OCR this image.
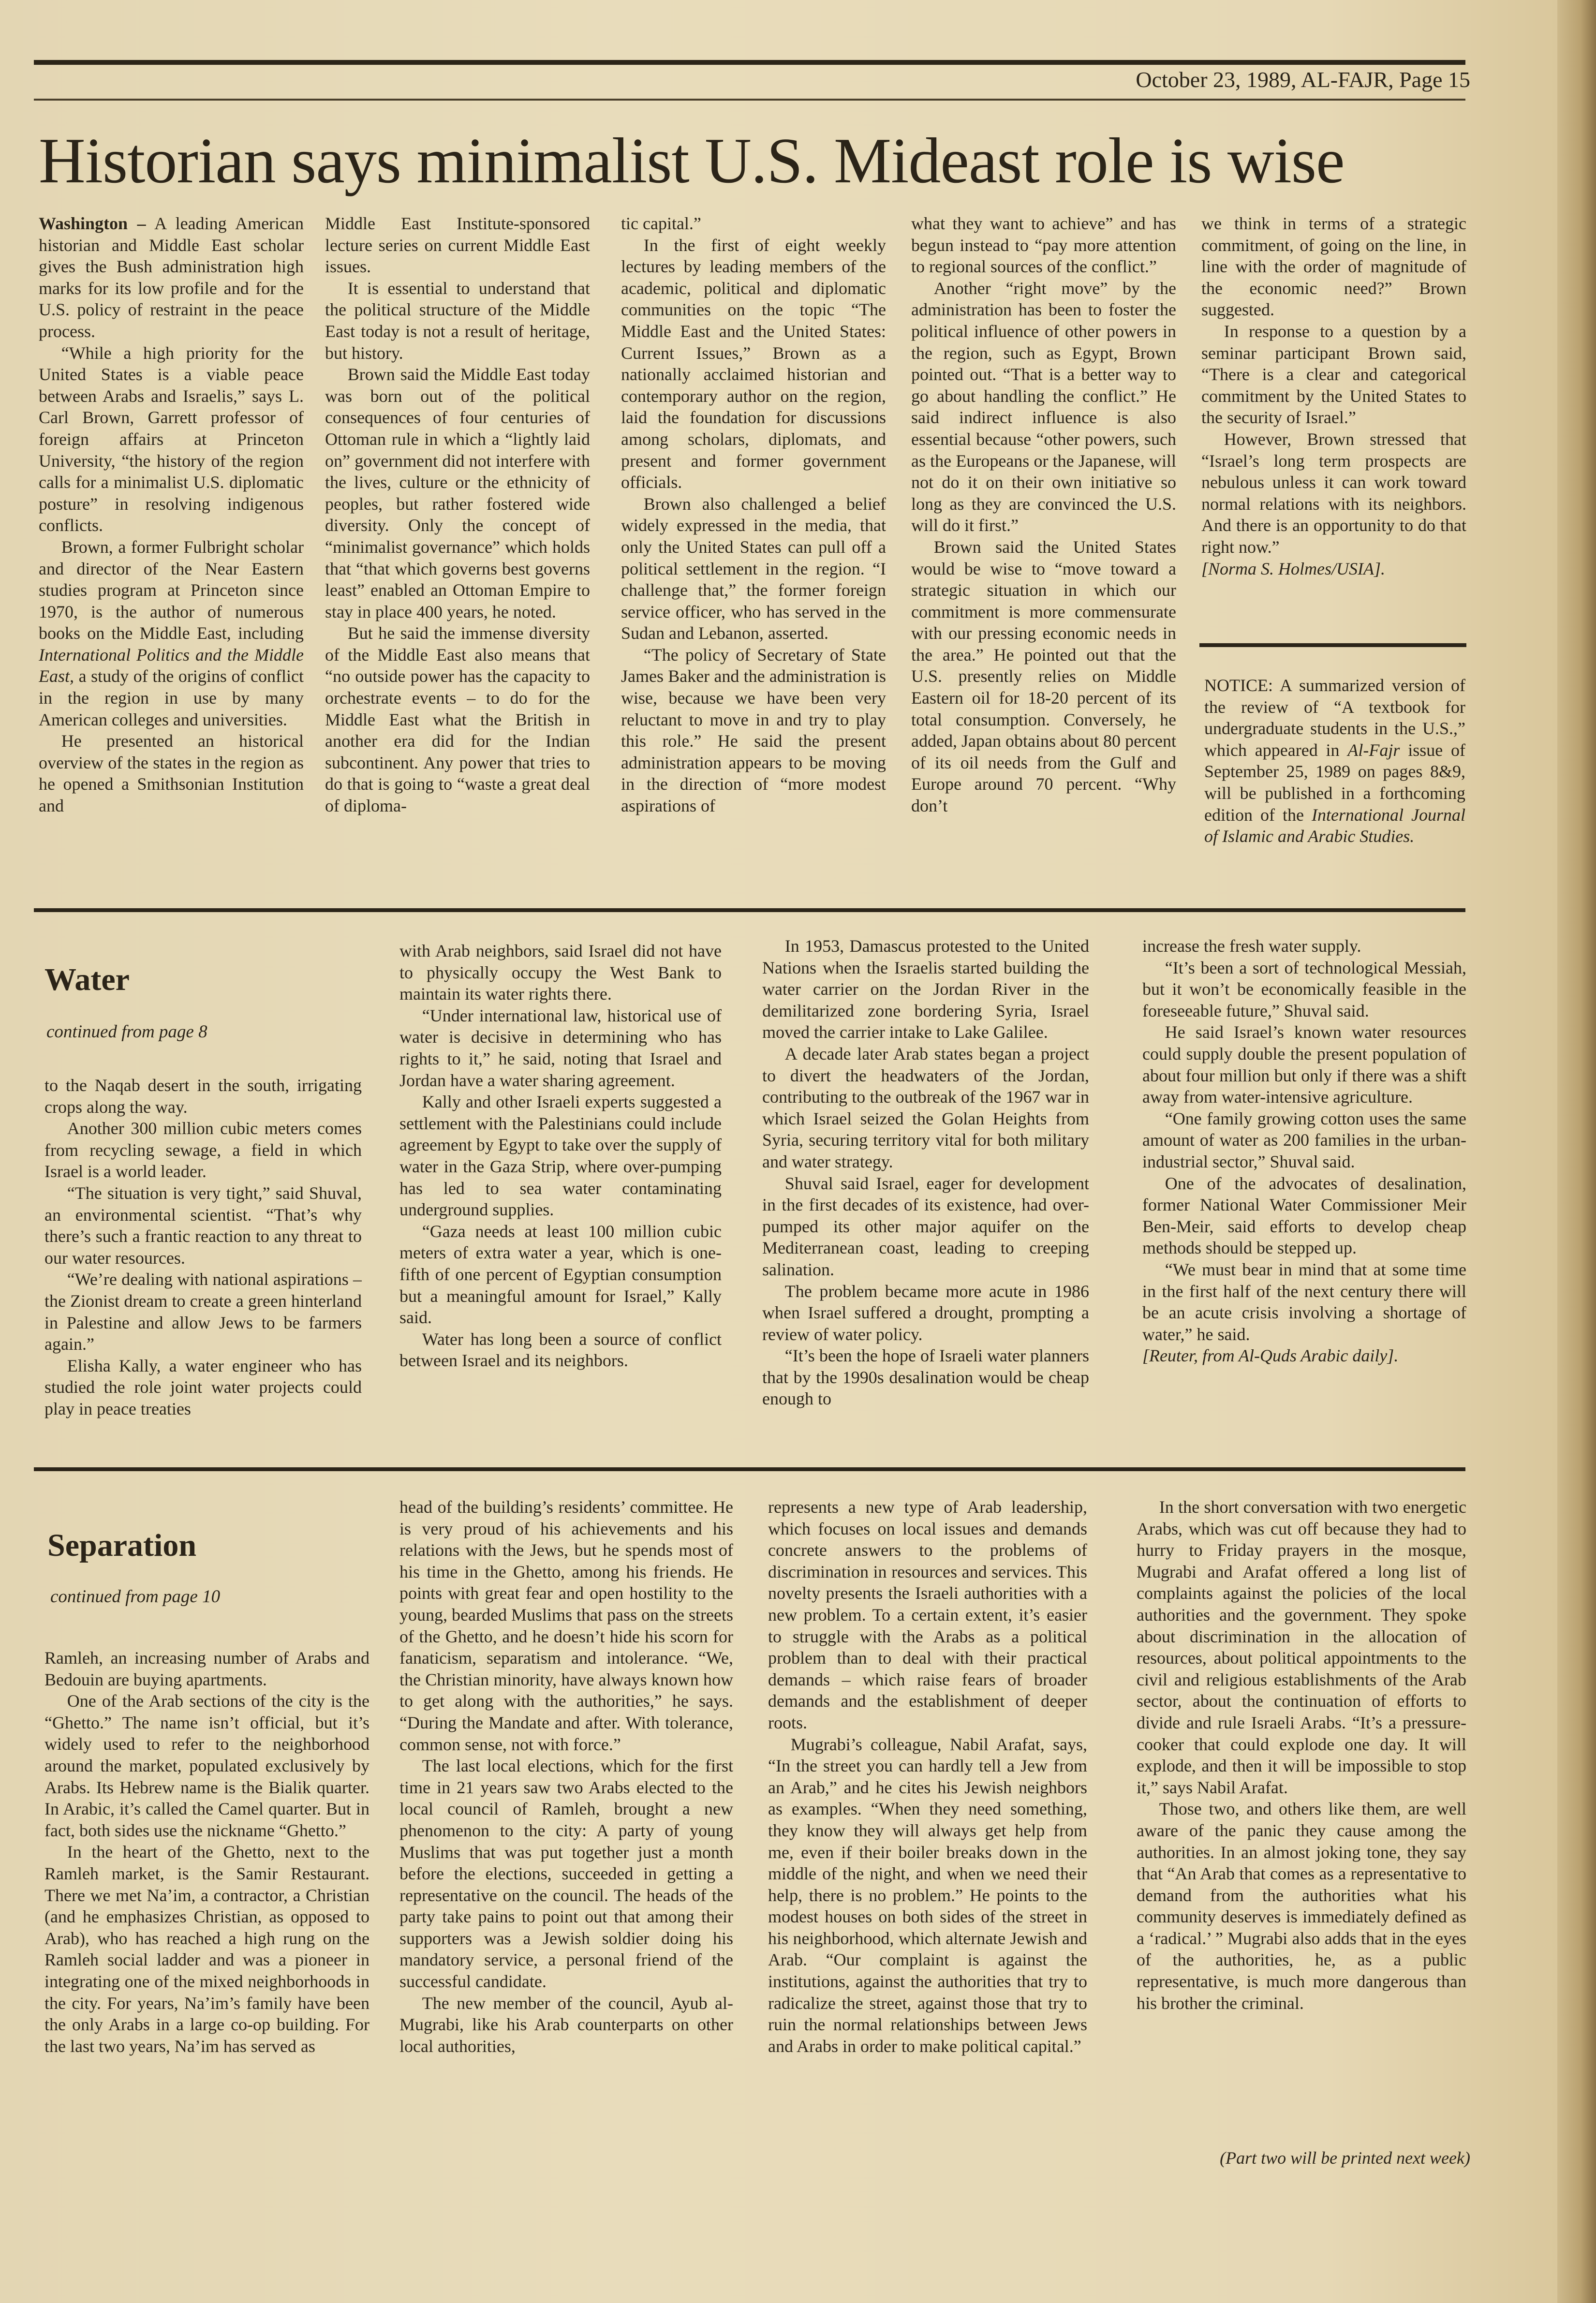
October 23, 1989, AL-FAJR, Page 15
Historian says minimalist U.S. Mideast role is wise

Washington – A leading American historian and Middle East scholar gives the Bush administration high marks for its low profile and for the U.S. policy of restraint in the peace process.

“While a high priority for the United States is a viable peace between Arabs and Israelis,” says L. Carl Brown, Garrett professor of foreign affairs at Princeton University, “the history of the region calls for a minimalist U.S. diplomatic posture” in resolving indigenous conflicts.

Brown, a former Fulbright scholar and director of the Near Eastern studies program at Princeton since 1970, is the author of numerous books on the Middle East, including International Politics and the Middle East, a study of the origins of conflict in the region in use by many American colleges and universities.

He presented an historical overview of the states in the region as he opened a Smithsonian Institution and

Middle East Institute-sponsored lecture series on current Middle East issues.

It is essential to understand that the political structure of the Middle East today is not a result of heritage, but history.

Brown said the Middle East today was born out of the political consequences of four centuries of Ottoman rule in which a “lightly laid on” government did not interfere with the lives, culture or the ethnicity of peoples, but rather fostered wide diversity. Only the concept of “minimalist governance” which holds that “that which governs best governs least” enabled an Ottoman Empire to stay in place 400 years, he noted.

But he said the immense diversity of the Middle East also means that “no outside power has the capacity to orchestrate events – to do for the Middle East what the British in another era did for the Indian subcontinent. Any power that tries to do that is going to “waste a great deal of diploma-

tic capital.”

In the first of eight weekly lectures by leading members of the academic, political and diplomatic communities on the topic “The Middle East and the United States: Current Issues,” Brown as a nationally acclaimed historian and contemporary author on the region, laid the foundation for discussions among scholars, diplomats, and present and former government officials.

Brown also challenged a belief widely expressed in the media, that only the United States can pull off a political settlement in the region. “I challenge that,” the former foreign service officer, who has served in the Sudan and Lebanon, asserted.

“The policy of Secretary of State James Baker and the administration is wise, because we have been very reluctant to move in and try to play this role.” He said the present administration appears to be moving in the direction of “more modest aspirations of

what they want to achieve” and has begun instead to “pay more attention to regional sources of the conflict.”

Another “right move” by the administration has been to foster the political influence of other powers in the region, such as Egypt, Brown pointed out. “That is a better way to go about handling the conflict.” He said indirect influence is also essential because “other powers, such as the Europeans or the Japanese, will not do it on their own initiative so long as they are convinced the U.S. will do it first.”

Brown said the United States would be wise to “move toward a strategic situation in which our commitment is more commensurate with our pressing economic needs in the area.” He pointed out that the U.S. presently relies on Middle Eastern oil for 18-20 percent of its total consumption. Conversely, he added, Japan obtains about 80 percent of its oil needs from the Gulf and Europe around 70 percent. “Why don’t

we think in terms of a strategic commitment, of going on the line, in line with the order of magnitude of the economic need?” Brown suggested.

In response to a question by a seminar participant Brown said, “There is a clear and categorical commitment by the United States to the security of Israel.”

However, Brown stressed that “Israel’s long term prospects are nebulous unless it can work toward normal relations with its neighbors. And there is an opportunity to do that right now.”

[Norma S. Holmes/USIA].

NOTICE: A summarized version of the review of “A textbook for undergraduate students in the U.S.,” which appeared in Al-Fajr issue of September 25, 1989 on pages 8&9, will be published in a forthcoming edition of the International Journal of Islamic and Arabic Studies.
Water
continued from page 8

to the Naqab desert in the south, irrigating crops along the way.

Another 300 million cubic meters comes from recycling sewage, a field in which Israel is a world leader.

“The situation is very tight,” said Shuval, an environmental scientist. “That’s why there’s such a frantic reaction to any threat to our water resources.

“We’re dealing with national aspirations – the Zionist dream to create a green hinterland in Palestine and allow Jews to be farmers again.”

Elisha Kally, a water engineer who has studied the role joint water projects could play in peace treaties

with Arab neighbors, said Israel did not have to physically occupy the West Bank to maintain its water rights there.

“Under international law, historical use of water is decisive in determining who has rights to it,” he said, noting that Israel and Jordan have a water sharing agreement.

Kally and other Israeli experts suggested a settlement with the Palestinians could include agreement by Egypt to take over the supply of water in the Gaza Strip, where over-pumping has led to sea water contaminating underground supplies.

“Gaza needs at least 100 million cubic meters of extra water a year, which is one-fifth of one percent of Egyptian consumption but a meaningful amount for Israel,” Kally said.

Water has long been a source of conflict between Israel and its neighbors.

In 1953, Damascus protested to the United Nations when the Israelis started building the water carrier on the Jordan River in the demilitarized zone bordering Syria, Israel moved the carrier intake to Lake Galilee.

A decade later Arab states began a project to divert the headwaters of the Jordan, contributing to the outbreak of the 1967 war in which Israel seized the Golan Heights from Syria, securing territory vital for both military and water strategy.

Shuval said Israel, eager for development in the first decades of its existence, had over-pumped its other major aquifer on the Mediterranean coast, leading to creeping salination.

The problem became more acute in 1986 when Israel suffered a drought, prompting a review of water policy.

“It’s been the hope of Israeli water planners that by the 1990s desalination would be cheap enough to

increase the fresh water supply.

“It’s been a sort of technological Messiah, but it won’t be economically feasible in the foreseeable future,” Shuval said.

He said Israel’s known water resources could supply double the present population of about four million but only if there was a shift away from water-intensive agriculture.

“One family growing cotton uses the same amount of water as 200 families in the urban-industrial sector,” Shuval said.

One of the advocates of desalination, former National Water Commissioner Meir Ben-Meir, said efforts to develop cheap methods should be stepped up.

“We must bear in mind that at some time in the first half of the next century there will be an acute crisis involving a shortage of water,” he said.

[Reuter, from Al-Quds Arabic daily].

Separation
continued from page 10

Ramleh, an increasing number of Arabs and Bedouin are buying apartments.

One of the Arab sections of the city is the “Ghetto.” The name isn’t official, but it’s widely used to refer to the neighborhood around the market, populated exclusively by Arabs. Its Hebrew name is the Bialik quarter. In Arabic, it’s called the Camel quarter. But in fact, both sides use the nickname “Ghetto.”

In the heart of the Ghetto, next to the Ramleh market, is the Samir Restaurant. There we met Na’im, a contractor, a Christian (and he emphasizes Christian, as opposed to Arab), who has reached a high rung on the Ramleh social ladder and was a pioneer in integrating one of the mixed neighborhoods in the city. For years, Na’im’s family have been the only Arabs in a large co-op building. For the last two years, Na’im has served as

head of the building’s residents’ committee. He is very proud of his achievements and his relations with the Jews, but he spends most of his time in the Ghetto, among his friends. He points with great fear and open hostility to the young, bearded Muslims that pass on the streets of the Ghetto, and he doesn’t hide his scorn for fanaticism, separatism and intolerance. “We, the Christian minority, have always known how to get along with the authorities,” he says. “During the Mandate and after. With tolerance, common sense, not with force.”

The last local elections, which for the first time in 21 years saw two Arabs elected to the local council of Ramleh, brought a new phenomenon to the city: A party of young Muslims that was put together just a month before the elections, succeeded in getting a representative on the council. The heads of the party take pains to point out that among their supporters was a Jewish soldier doing his mandatory service, a personal friend of the successful candidate.

The new member of the council, Ayub al-Mugrabi, like his Arab counterparts on other local authorities,

represents a new type of Arab leadership, which focuses on local issues and demands concrete answers to the problems of discrimination in resources and services. This novelty presents the Israeli authorities with a new problem. To a certain extent, it’s easier to struggle with the Arabs as a political problem than to deal with their practical demands – which raise fears of broader demands and the establishment of deeper roots.

Mugrabi’s colleague, Nabil Arafat, says, “In the street you can hardly tell a Jew from an Arab,” and he cites his Jewish neighbors as examples. “When they need something, they know they will always get help from me, even if their boiler breaks down in the middle of the night, and when we need their help, there is no problem.” He points to the modest houses on both sides of the street in his neighborhood, which alternate Jewish and Arab. “Our complaint is against the institutions, against the authorities that try to radicalize the street, against those that try to ruin the normal relationships between Jews and Arabs in order to make political capital.”

In the short conversation with two energetic Arabs, which was cut off because they had to hurry to Friday prayers in the mosque, Mugrabi and Arafat offered a long list of complaints against the policies of the local authorities and the government. They spoke about discrimination in the allocation of resources, about political appointments to the civil and religious establishments of the Arab sector, about the continuation of efforts to divide and rule Israeli Arabs. “It’s a pressure-cooker that could explode one day. It will explode, and then it will be impossible to stop it,” says Nabil Arafat.

Those two, and others like them, are well aware of the panic they cause among the authorities. In an almost joking tone, they say that “An Arab that comes as a representative to demand from the authorities what his community deserves is immediately defined as a ‘radical.’ ” Mugrabi also adds that in the eyes of the authorities, he, as a public representative, is much more dangerous than his brother the criminal.

(Part two will be printed next week)
